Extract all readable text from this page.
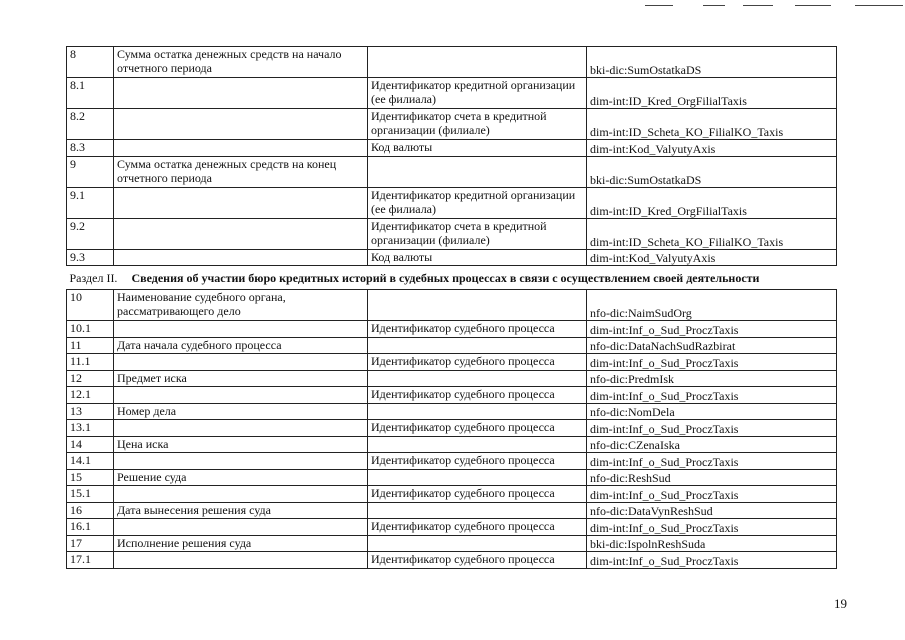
8	Сумма остатка денежных средств на начало отчетного периода		bki-dic:SumOstatkaDS
8.1		Идентификатор кредитной организации (ее филиала)	dim-int:ID_Kred_OrgFilialTaxis
8.2		Идентификатор счета в кредитной организации (филиале)	dim-int:ID_Scheta_KO_FilialKO_Taxis
8.3		Код валюты	dim-int:Kod_ValyutyAxis
9	Сумма остатка денежных средств на конец отчетного периода		bki-dic:SumOstatkaDS
9.1		Идентификатор кредитной организации (ее филиала)	dim-int:ID_Kred_OrgFilialTaxis
9.2		Идентификатор счета в кредитной организации (филиале)	dim-int:ID_Scheta_KO_FilialKO_Taxis
9.3		Код валюты	dim-int:Kod_ValyutyAxis
Раздел II. Сведения об участии бюро кредитных историй в судебных процессах в связи с осуществлением своей деятельности			
10	Наименование судебного органа, рассматривающего дело		nfo-dic:NaimSudOrg
10.1		Идентификатор судебного процесса	dim-int:Inf_o_Sud_ProczTaxis
11	Дата начала судебного процесса		nfo-dic:DataNachSudRazbirat
11.1		Идентификатор судебного процесса	dim-int:Inf_o_Sud_ProczTaxis
12	Предмет иска		nfo-dic:PredmIsk
12.1		Идентификатор судебного процесса	dim-int:Inf_o_Sud_ProczTaxis
13	Номер дела		nfo-dic:NomDela
13.1		Идентификатор судебного процесса	dim-int:Inf_o_Sud_ProczTaxis
14	Цена иска		nfo-dic:CZenaIska
14.1		Идентификатор судебного процесса	dim-int:Inf_o_Sud_ProczTaxis
15	Решение суда		nfo-dic:ReshSud
15.1		Идентификатор судебного процесса	dim-int:Inf_o_Sud_ProczTaxis
16	Дата вынесения решения суда		nfo-dic:DataVynReshSud
16.1		Идентификатор судебного процесса	dim-int:Inf_o_Sud_ProczTaxis
17	Исполнение решения суда		bki-dic:IspolnReshSuda
17.1		Идентификатор судебного процесса	dim-int:Inf_o_Sud_ProczTaxis
19
